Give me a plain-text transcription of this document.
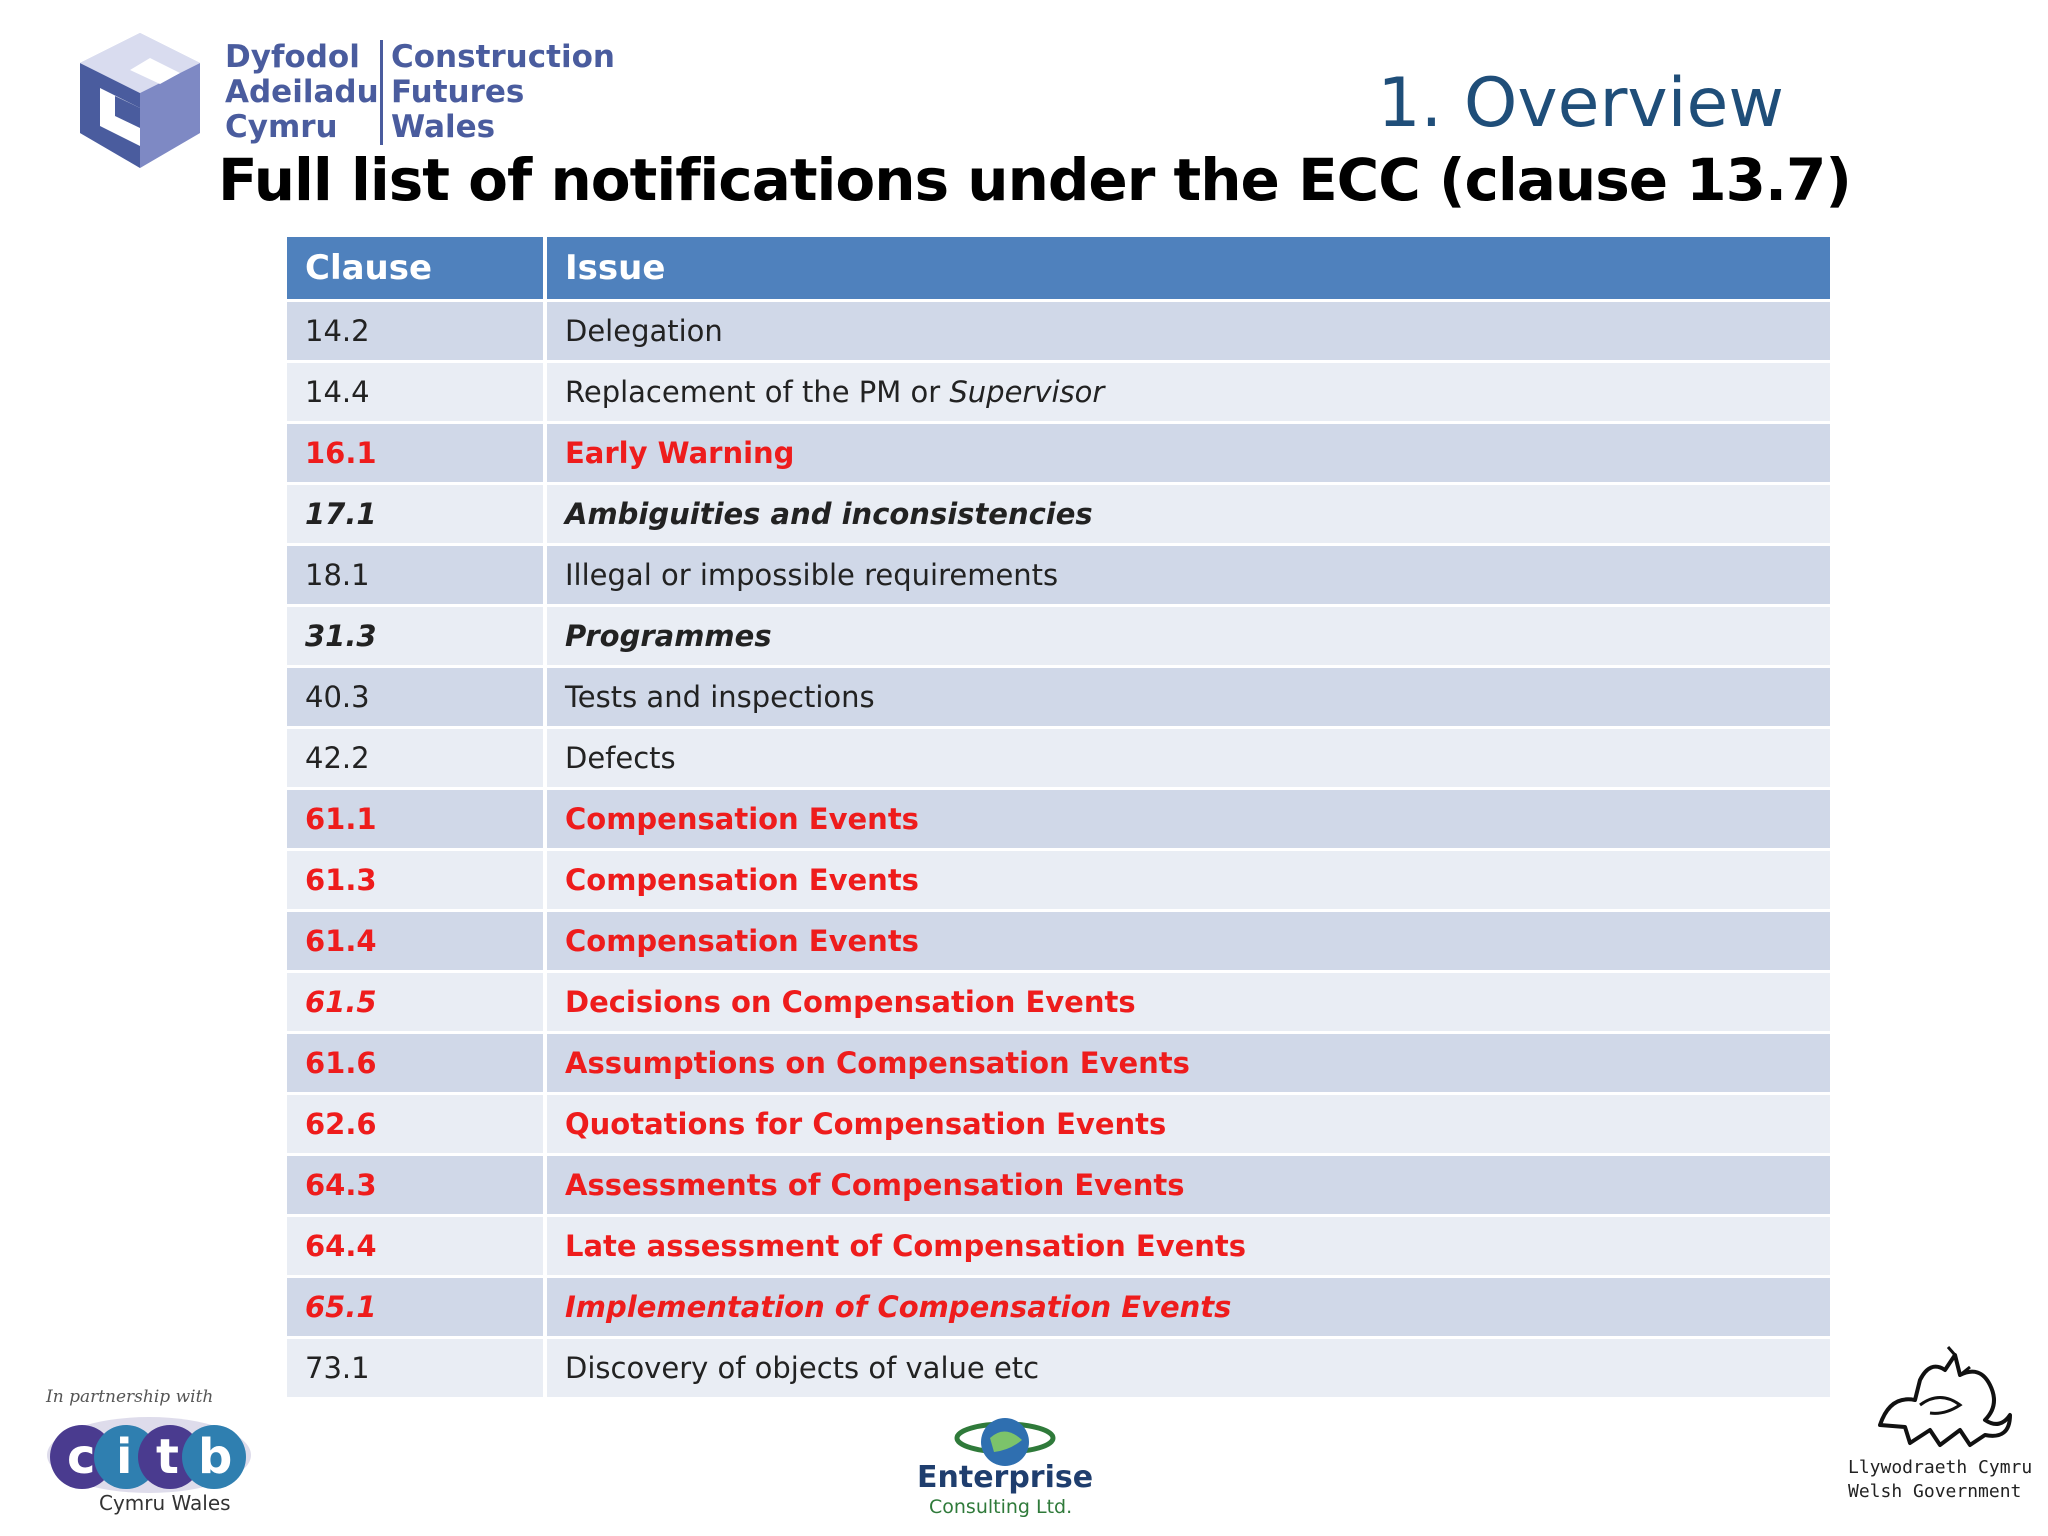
Dyfodol
Adeiladu
Cymru
Construction
Futures
Wales	1. Overview
Full list of notifications under the ECC (clause 13.7)
Clause	Issue
14.2	Delegation
14.4	Replacement of the PM or Supervisor
16.1	Early Warning
17.1	Ambiguities and inconsistencies
18.1	Illegal or impossible requirements
31.3	Programmes
40.3	Tests and inspections
42.2	Defects
61.1	Compensation Events
61.3	Compensation Events
61.4	Compensation Events
61.5	Decisions on Compensation Events
61.6	Assumptions on Compensation Events
62.6	Quotations for Compensation Events
64.3	Assessments of Compensation Events
64.4	Late assessment of Compensation Events
65.1	Implementation of Compensation Events
73.1	Discovery of objects of value etc
In partnership with
c i t b
Cymru Wales
Enterprise
Consulting Ltd.
Llywodraeth Cymru
Welsh Government
